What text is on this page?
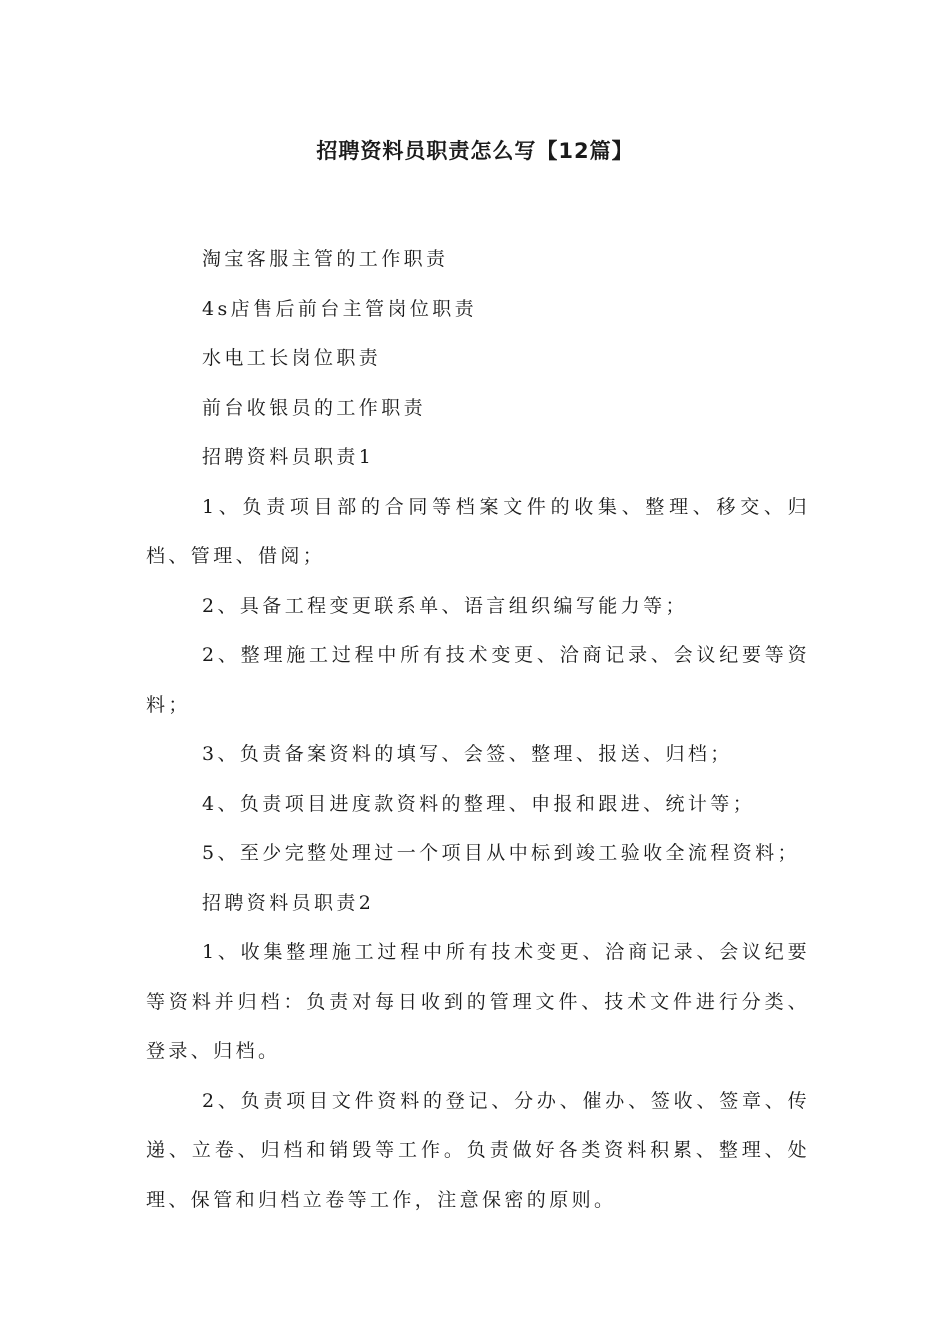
招聘资料员职责怎么写【12篇】

淘宝客服主管的工作职责

4s店售后前台主管岗位职责

水电工长岗位职责

前台收银员的工作职责

招聘资料员职责1

1、负责项目部的合同等档案文件的收集、整理、移交、归档、管理、借阅；

2、具备工程变更联系单、语言组织编写能力等；

2、整理施工过程中所有技术变更、洽商记录、会议纪要等资料；

3、负责备案资料的填写、会签、整理、报送、归档；

4、负责项目进度款资料的整理、申报和跟进、统计等；

5、至少完整处理过一个项目从中标到竣工验收全流程资料；

招聘资料员职责2

1、收集整理施工过程中所有技术变更、洽商记录、会议纪要等资料并归档：负责对每日收到的管理文件、技术文件进行分类、登录、归档。

2、负责项目文件资料的登记、分办、催办、签收、签章、传递、立卷、归档和销毁等工作。负责做好各类资料积累、整理、处理、保管和归档立卷等工作，注意保密的原则。
